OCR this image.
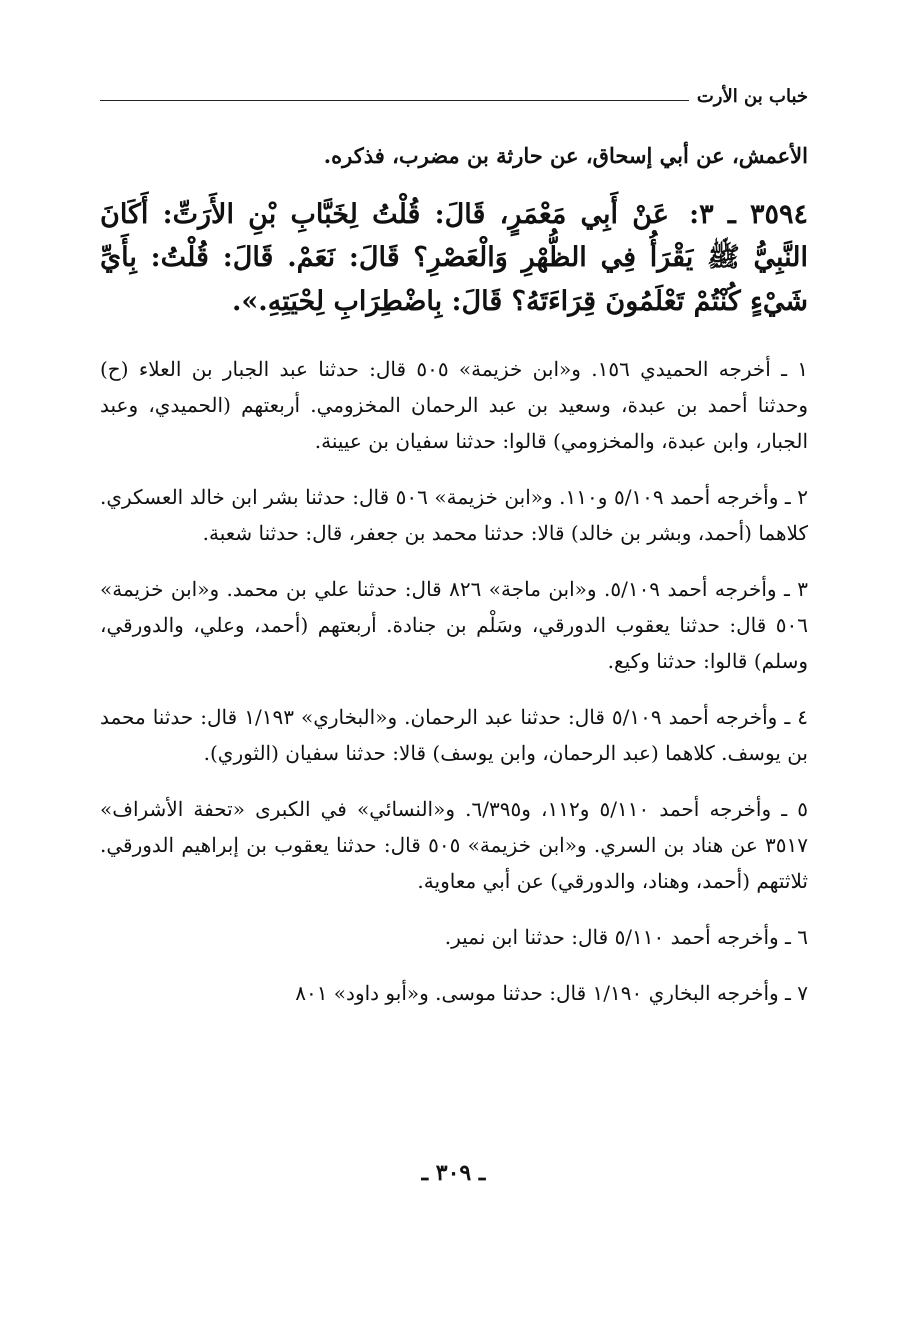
خباب بن الأرت

الأعمش، عن أبي إسحاق، عن حارثة بن مضرب، فذكره.

٣٥٩٤ ـ ٣: عَنْ أَبِي مَعْمَرٍ، قَالَ: قُلْتُ لِخَبَّابِ بْنِ الأَرَتِّ: أَكَانَ النَّبِيُّ ﷺ يَقْرَأُ فِي الظُّهْرِ وَالْعَصْرِ؟ قَالَ: نَعَمْ. قَالَ: قُلْتُ: بِأَيِّ شَيْءٍ كُنْتُمْ تَعْلَمُونَ قِرَاءَتَهُ؟ قَالَ: بِاضْطِرَابِ لِحْيَتِهِ.».

١ ـ أخرجه الحميدي ١٥٦. و«ابن خزيمة» ٥٠٥ قال: حدثنا عبد الجبار بن العلاء (ح) وحدثنا أحمد بن عبدة، وسعيد بن عبد الرحمان المخزومي. أربعتهم (الحميدي، وعبد الجبار، وابن عبدة، والمخزومي) قالوا: حدثنا سفيان بن عيينة.

٢ ـ وأخرجه أحمد ٥/١٠٩ و١١٠. و«ابن خزيمة» ٥٠٦ قال: حدثنا بشر ابن خالد العسكري. كلاهما (أحمد، وبشر بن خالد) قالا: حدثنا محمد بن جعفر، قال: حدثنا شعبة.

٣ ـ وأخرجه أحمد ٥/١٠٩. و«ابن ماجة» ٨٢٦ قال: حدثنا علي بن محمد. و«ابن خزيمة» ٥٠٦ قال: حدثنا يعقوب الدورقي، وسَلْم بن جنادة. أربعتهم (أحمد، وعلي، والدورقي، وسلم) قالوا: حدثنا وكيع.

٤ ـ وأخرجه أحمد ٥/١٠٩ قال: حدثنا عبد الرحمان. و«البخاري» ١/١٩٣ قال: حدثنا محمد بن يوسف. كلاهما (عبد الرحمان، وابن يوسف) قالا: حدثنا سفيان (الثوري).

٥ ـ وأخرجه أحمد ٥/١١٠ و١١٢، و٦/٣٩٥. و«النسائي» في الكبرى «تحفة الأشراف» ٣٥١٧ عن هناد بن السري. و«ابن خزيمة» ٥٠٥ قال: حدثنا يعقوب بن إبراهيم الدورقي. ثلاثتهم (أحمد، وهناد، والدورقي) عن أبي معاوية.

٦ ـ وأخرجه أحمد ٥/١١٠ قال: حدثنا ابن نمير.

٧ ـ وأخرجه البخاري ١/١٩٠ قال: حدثنا موسى. و«أبو داود» ٨٠١

ـ ٣٠٩ ـ
